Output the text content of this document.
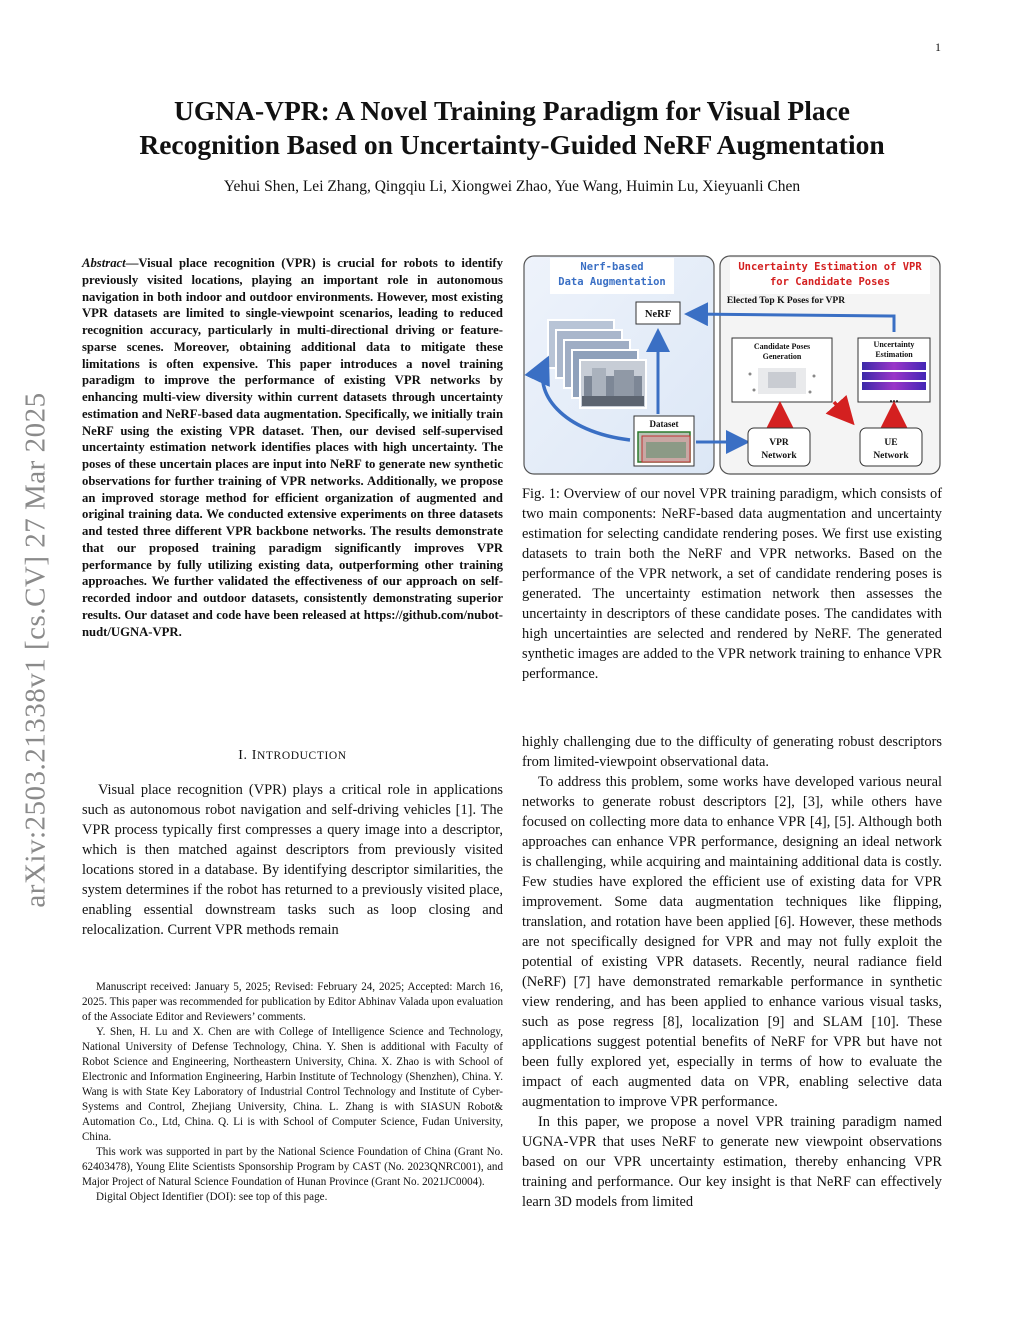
1
arXiv:2503.21338v1 [cs.CV] 27 Mar 2025
UGNA-VPR: A Novel Training Paradigm for Visual Place
Recognition Based on Uncertainty-Guided NeRF Augmentation
Yehui Shen, Lei Zhang, Qingqiu Li, Xiongwei Zhao, Yue Wang, Huimin Lu, Xieyuanli Chen
Abstract—Visual place recognition (VPR) is crucial for robots to identify previously visited locations, playing an important role in autonomous navigation in both indoor and outdoor environments. However, most existing VPR datasets are limited to single-viewpoint scenarios, leading to reduced recognition accuracy, particularly in multi-directional driving or feature-sparse scenes. Moreover, obtaining additional data to mitigate these limitations is often expensive. This paper introduces a novel training paradigm to improve the performance of existing VPR networks by enhancing multi-view diversity within current datasets through uncertainty estimation and NeRF-based data augmentation. Specifically, we initially train NeRF using the existing VPR dataset. Then, our devised self-supervised uncertainty estimation network identifies places with high uncertainty. The poses of these uncertain places are input into NeRF to generate new synthetic observations for further training of VPR networks. Additionally, we propose an improved storage method for efficient organization of augmented and original training data. We conducted extensive experiments on three datasets and tested three different VPR backbone networks. The results demonstrate that our proposed training paradigm significantly improves VPR performance by fully utilizing existing data, outperforming other training approaches. We further validated the effectiveness of our approach on self-recorded indoor and outdoor datasets, consistently demonstrating superior results. Our dataset and code have been released at https://github.com/nubot-nudt/UGNA-VPR.
Nerf-based
Data Augmentation
Uncertainty Estimation of VPR
for Candidate Poses
Elected Top K Poses for VPR
NeRF
Dataset
Candidate Poses
Generation
Uncertainty
Estimation
...
VPR
Network
UE
Network
Fig. 1: Overview of our novel VPR training paradigm, which consists of two main components: NeRF-based data augmentation and uncertainty estimation for selecting candidate rendering poses. We first use existing datasets to train both the NeRF and VPR networks. Based on the performance of the VPR network, a set of candidate rendering poses is generated. The uncertainty estimation network then assesses the uncertainty in descriptors of these candidate poses. The candidates with high uncertainties are selected and rendered by NeRF. The generated synthetic images are added to the VPR network training to enhance VPR performance.
I. INTRODUCTION

Visual place recognition (VPR) plays a critical role in applications such as autonomous robot navigation and self-driving vehicles [1]. The VPR process typically first compresses a query image into a descriptor, which is then matched against descriptors from previously visited locations stored in a database. By identifying descriptor similarities, the system determines if the robot has returned to a previously visited place, enabling essential downstream tasks such as loop closing and relocalization. Current VPR methods remain

Manuscript received: January 5, 2025; Revised: February 24, 2025; Accepted: March 16, 2025. This paper was recommended for publication by Editor Abhinav Valada upon evaluation of the Associate Editor and Reviewers’ comments.

Y. Shen, H. Lu and X. Chen are with College of Intelligence Science and Technology, National University of Defense Technology, China. Y. Shen is additional with Faculty of Robot Science and Engineering, Northeastern University, China. X. Zhao is with School of Electronic and Information Engineering, Harbin Institute of Technology (Shenzhen), China. Y. Wang is with State Key Laboratory of Industrial Control Technology and Institute of Cyber-Systems and Control, Zhejiang University, China. L. Zhang is with SIASUN Robot& Automation Co., Ltd, China. Q. Li is with School of Computer Science, Fudan University, China.

This work was supported in part by the National Science Foundation of China (Grant No. 62403478), Young Elite Scientists Sponsorship Program by CAST (No. 2023QNRC001), and Major Project of Natural Science Foundation of Hunan Province (Grant No. 2021JC0004).

Digital Object Identifier (DOI): see top of this page.

highly challenging due to the difficulty of generating robust descriptors from limited-viewpoint observational data.

To address this problem, some works have developed various neural networks to generate robust descriptors [2], [3], while others have focused on collecting more data to enhance VPR [4], [5]. Although both approaches can enhance VPR performance, designing an ideal network is challenging, while acquiring and maintaining additional data is costly. Few studies have explored the efficient use of existing data for VPR improvement. Some data augmentation techniques like flipping, translation, and rotation have been applied [6]. However, these methods are not specifically designed for VPR and may not fully exploit the potential of existing VPR datasets. Recently, neural radiance field (NeRF) [7] have demonstrated remarkable performance in synthetic view rendering, and has been applied to enhance various visual tasks, such as pose regress [8], localization [9] and SLAM [10]. These applications suggest potential benefits of NeRF for VPR but have not been fully explored yet, especially in terms of how to evaluate the impact of each augmented data on VPR, enabling selective data augmentation to improve VPR performance.

In this paper, we propose a novel VPR training paradigm named UGNA-VPR that uses NeRF to generate new viewpoint observations based on our VPR uncertainty estimation, thereby enhancing VPR training and performance. Our key insight is that NeRF can effectively learn 3D models from limited
